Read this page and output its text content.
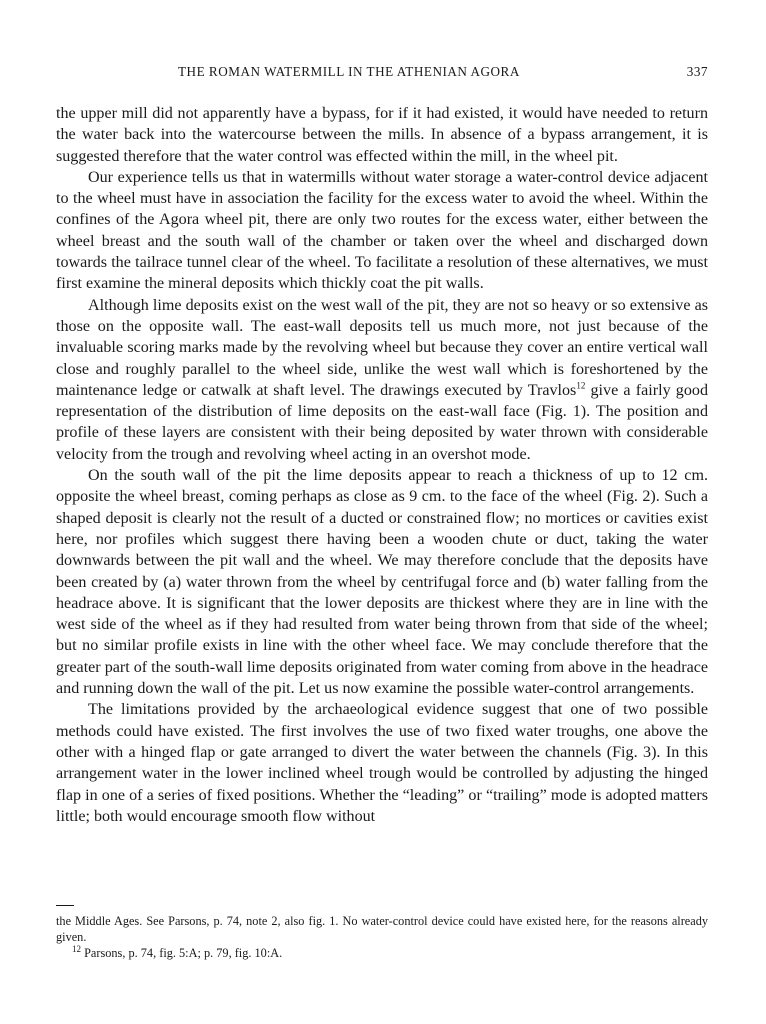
THE ROMAN WATERMILL IN THE ATHENIAN AGORA	337

the upper mill did not apparently have a bypass, for if it had existed, it would have needed to return the water back into the watercourse between the mills. In absence of a bypass arrangement, it is suggested therefore that the water control was effected within the mill, in the wheel pit.

Our experience tells us that in watermills without water storage a water-control device adjacent to the wheel must have in association the facility for the excess water to avoid the wheel. Within the confines of the Agora wheel pit, there are only two routes for the excess water, either between the wheel breast and the south wall of the chamber or taken over the wheel and discharged down towards the tailrace tunnel clear of the wheel. To facilitate a resolution of these alternatives, we must first examine the mineral deposits which thickly coat the pit walls.

Although lime deposits exist on the west wall of the pit, they are not so heavy or so extensive as those on the opposite wall. The east-wall deposits tell us much more, not just because of the invaluable scoring marks made by the revolving wheel but because they cover an entire vertical wall close and roughly parallel to the wheel side, unlike the west wall which is foreshortened by the maintenance ledge or catwalk at shaft level. The drawings executed by Travlos$^{12}$ give a fairly good representation of the distribution of lime deposits on the east-wall face (Fig. 1). The position and profile of these layers are consistent with their being deposited by water thrown with considerable velocity from the trough and revolving wheel acting in an overshot mode.

On the south wall of the pit the lime deposits appear to reach a thickness of up to 12 cm. opposite the wheel breast, coming perhaps as close as 9 cm. to the face of the wheel (Fig. 2). Such a shaped deposit is clearly not the result of a ducted or constrained flow; no mortices or cavities exist here, nor profiles which suggest there having been a wooden chute or duct, taking the water downwards between the pit wall and the wheel. We may therefore conclude that the deposits have been created by (a) water thrown from the wheel by centrifugal force and (b) water falling from the headrace above. It is significant that the lower deposits are thickest where they are in line with the west side of the wheel as if they had resulted from water being thrown from that side of the wheel; but no similar profile exists in line with the other wheel face. We may conclude therefore that the greater part of the south-wall lime deposits originated from water coming from above in the headrace and running down the wall of the pit. Let us now examine the possible water-control arrangements.

The limitations provided by the archaeological evidence suggest that one of two possible methods could have existed. The first involves the use of two fixed water troughs, one above the other with a hinged flap or gate arranged to divert the water between the channels (Fig. 3). In this arrangement water in the lower inclined wheel trough would be controlled by adjusting the hinged flap in one of a series of fixed positions. Whether the “leading” or “trailing” mode is adopted matters little; both would encourage smooth flow without

the Middle Ages. See Parsons, p. 74, note 2, also fig. 1. No water-control device could have existed here, for the reasons already given.

$^{12}$ Parsons, p. 74, fig. 5:A; p. 79, fig. 10:A.
